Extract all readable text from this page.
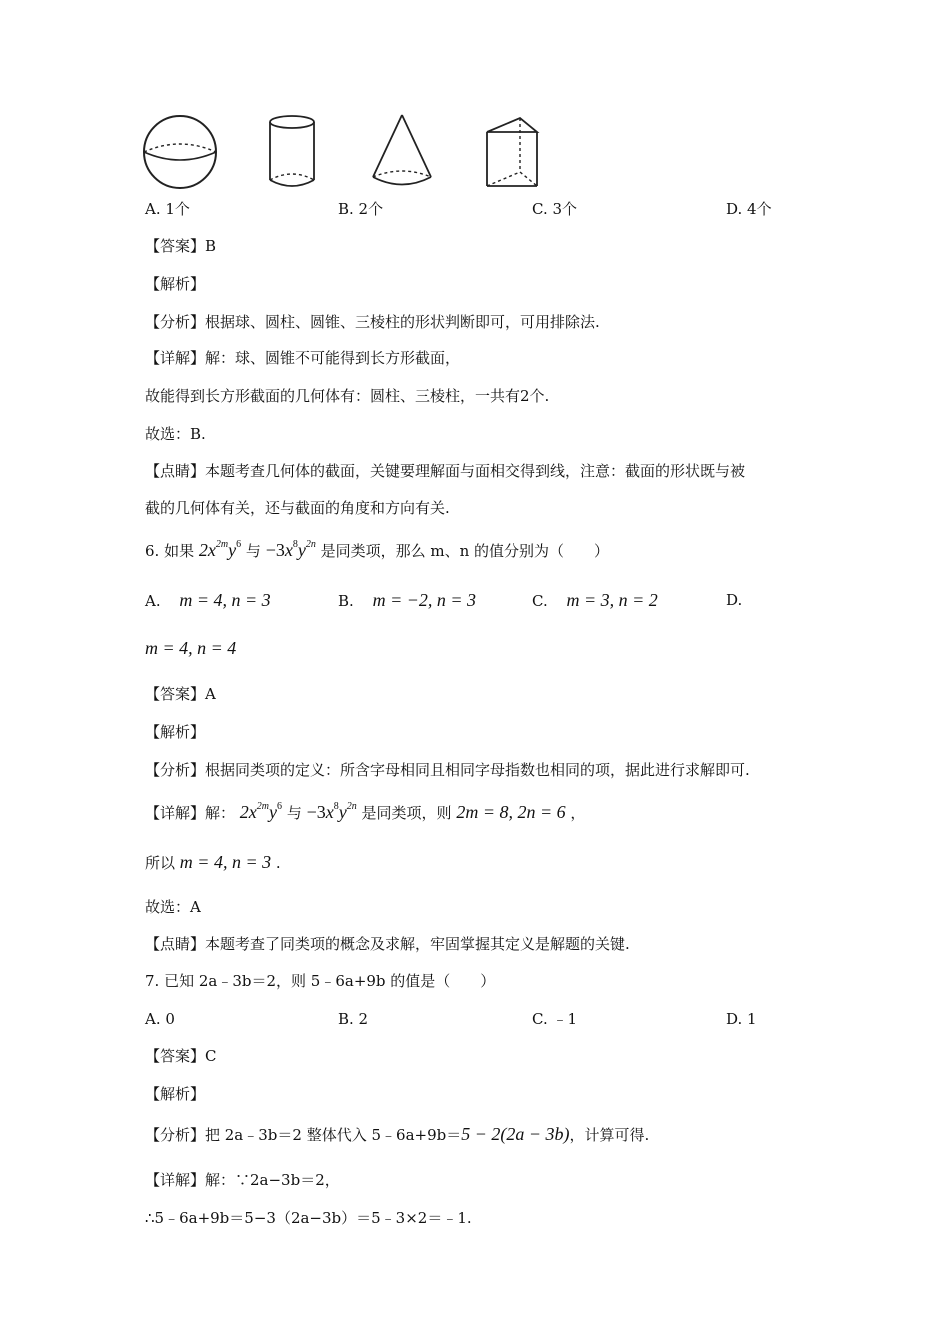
A. 1个	B. 2个	C. 3个	D. 4个
【答案】B
【解析】
【分析】根据球、圆柱、圆锥、三棱柱的形状判断即可，可用排除法.
【详解】解：球、圆锥不可能得到长方形截面，
故能得到长方形截面的几何体有：圆柱、三棱柱，一共有2个.
故选：B.
【点睛】本题考查几何体的截面，关键要理解面与面相交得到线，注意：截面的形状既与被
截的几何体有关，还与截面的角度和方向有关.
6. 如果 $2x^{2m}y^6$ 与 $-3x^8y^{2n}$ 是同类项，那么 m、n 的值分别为（　　）
A. m = 4, n = 3	B. m = −2, n = 3	C. m = 3, n = 2	D.
m = 4, n = 4
【答案】A
【解析】
【分析】根据同类项的定义：所含字母相同且相同字母指数也相同的项，据此进行求解即可.
【详解】解： $2x^{2m}y^6$ 与 $-3x^8y^{2n}$ 是同类项，则 2m = 8, 2n = 6 ，
所以 m = 4, n = 3 .
故选：A
【点睛】本题考查了同类项的概念及求解，牢固掌握其定义是解题的关键.
7. 已知 2a﹣3b＝2，则 5﹣6a+9b 的值是（　　）
A. 0	B. 2	C. ﹣1	D. 1
【答案】C
【解析】
【分析】把 2a﹣3b＝2 整体代入 5﹣6a+9b＝5 − 2(2a − 3b)，计算可得.
【详解】解：∵2a−3b＝2，
∴5﹣6a+9b＝5−3（2a−3b）＝5﹣3×2＝﹣1.
